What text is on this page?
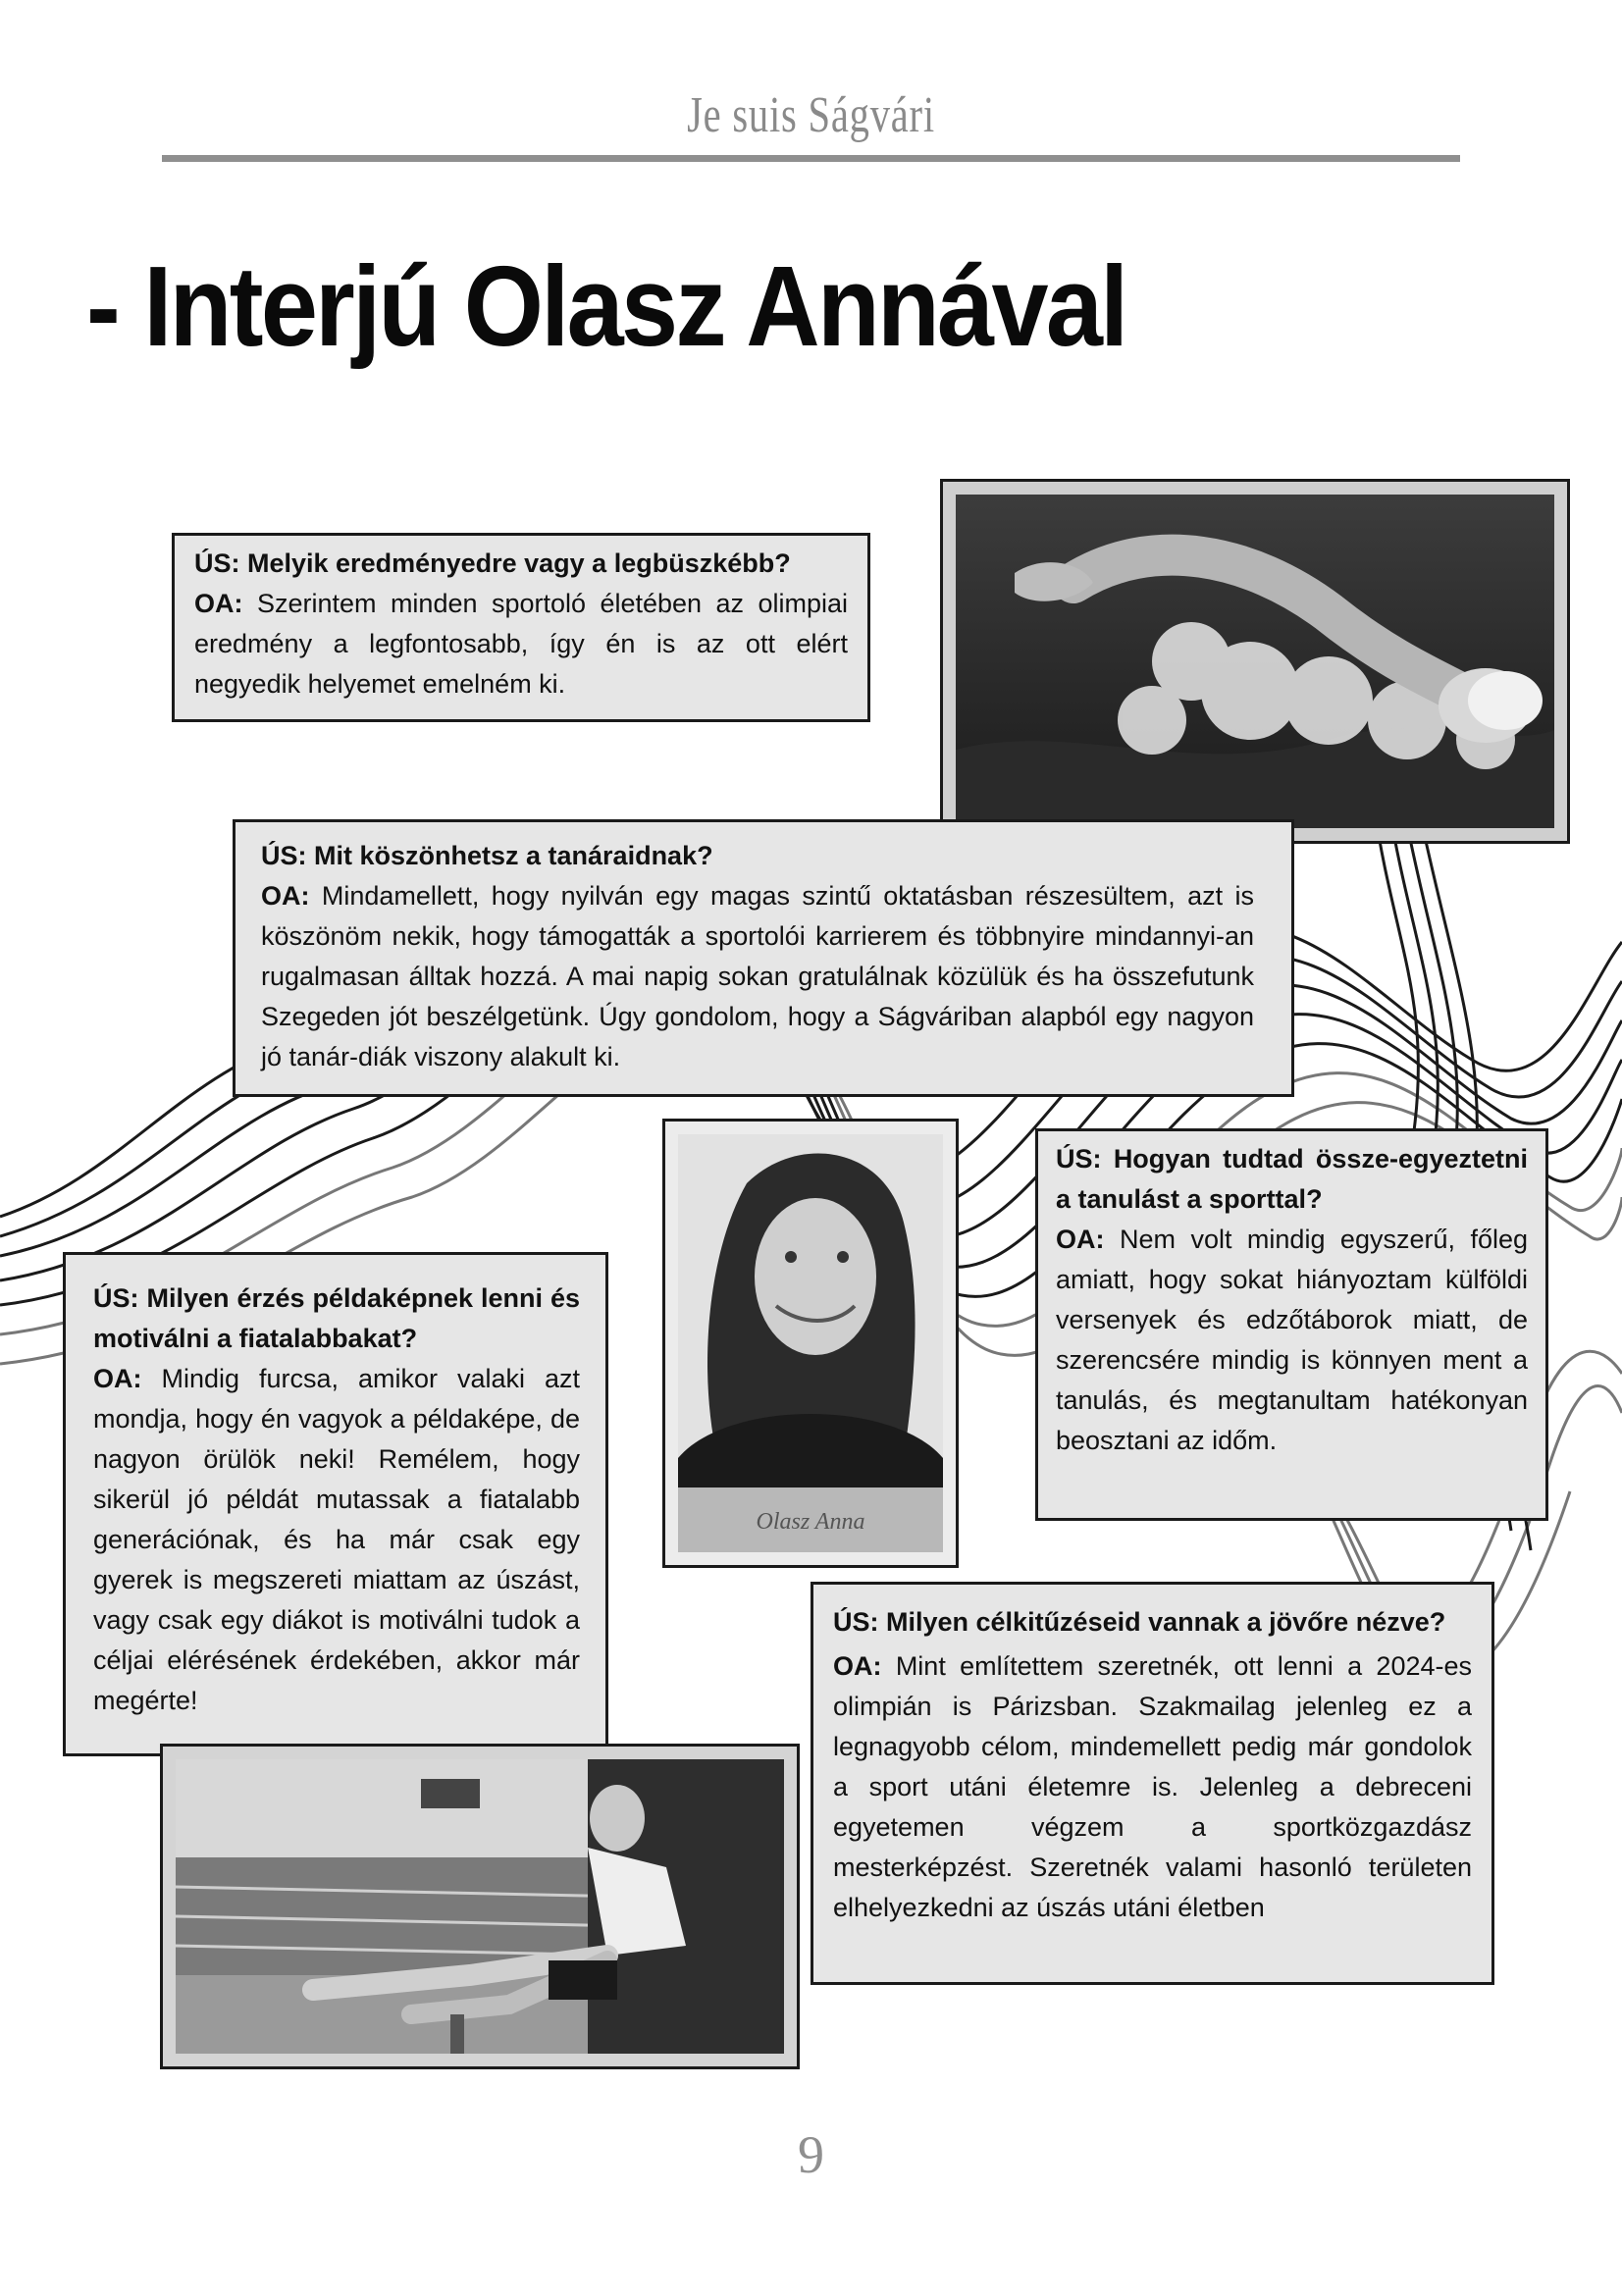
Je suis Ságvári
- Interjú Olasz Annával
ÚS: Melyik eredményedre vagy a legbüszkébb?
OA: Szerintem minden sportoló életében az olimpiai eredmény a legfontosabb, így én is az ott elért negyedik helyemet emelném ki.
ÚS: Mit köszönhetsz a tanáraidnak?
OA: Mindamellett, hogy nyilván egy magas szintű oktatásban részesültem, azt is köszönöm nekik, hogy támogatták a sportolói karrierem és többnyire mindannyi-an rugalmasan álltak hozzá. A mai napig sokan gratulálnak közülük és ha összefutunk Szegeden jót beszélgetünk. Úgy gondolom, hogy a Ságváriban alapból egy nagyon jó tanár-diák viszony alakult ki.
Olasz Anna
ÚS: Hogyan tudtad össze-egyeztetni a tanulást a sporttal?
OA: Nem volt mindig egyszerű, főleg amiatt, hogy sokat hiányoztam külföldi versenyek és edzőtáborok miatt, de szerencsére mindig is könnyen ment a tanulás, és megtanultam hatékonyan beosztani az időm.
ÚS: Milyen érzés példaképnek lenni és motiválni a fiatalabbakat?
OA: Mindig furcsa, amikor valaki azt mondja, hogy én vagyok a példaképe, de nagyon örülök neki! Remélem, hogy sikerül jó példát mutassak a fiatalabb generációnak, és ha már csak egy gyerek is megszereti miattam az úszást, vagy csak egy diákot is motiválni tudok a céljai elérésének érdekében, akkor már megérte!
ÚS: Milyen célkitűzéseid vannak a jövőre nézve?
OA: Mint említettem szeretnék, ott lenni a 2024-es olimpián is Párizsban. Szakmailag jelenleg ez a legnagyobb célom, mindemellett pedig már gondolok a sport utáni életemre is. Jelenleg a debreceni egyetemen végzem a sportközgazdász mesterképzést. Szeretnék valami hasonló területen elhelyezkedni az úszás utáni életben
9
